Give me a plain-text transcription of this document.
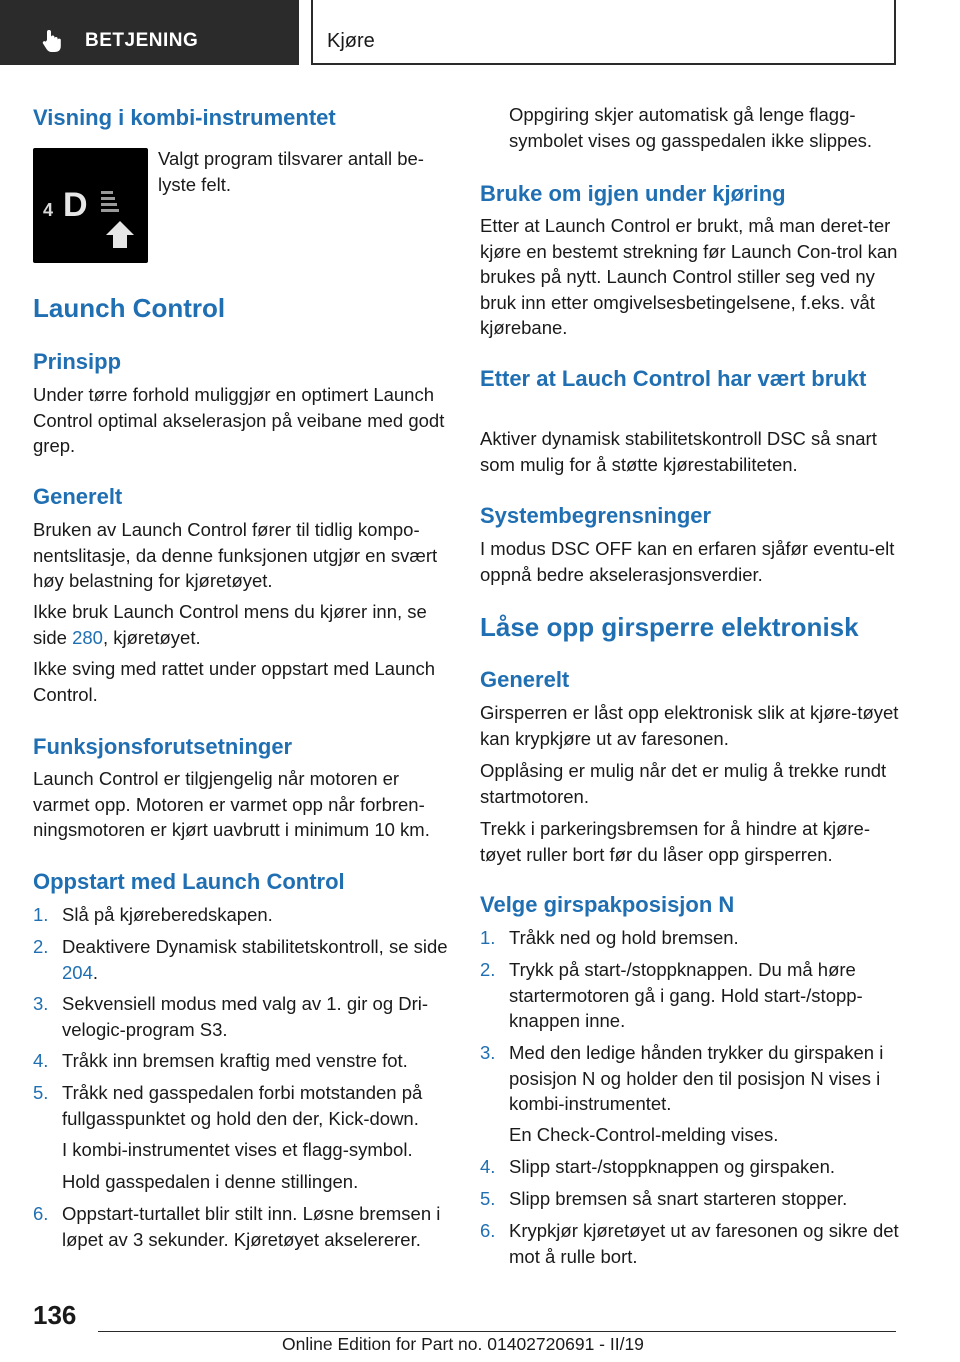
BETJENING	Kjøre
Visning i kombi-instrumentet
4 D
Valgt program tilsvarer antall be-lyste felt.
Launch Control
Prinsipp
Under tørre forhold muliggjør en optimert Launch Control optimal akselerasjon på veibane med godt grep.
Generelt
Bruken av Launch Control fører til tidlig kompo-nentslitasje, da denne funksjonen utgjør en svært høy belastning for kjøretøyet.
Ikke bruk Launch Control mens du kjører inn, se side 280, kjøretøyet.
Ikke sving med rattet under oppstart med Launch Control.
Funksjonsforutsetninger
Launch Control er tilgjengelig når motoren er varmet opp. Motoren er varmet opp når forbren-ningsmotoren er kjørt uavbrutt i minimum 10 km.
Oppstart med Launch Control
1. Slå på kjøreberedskapen.
2. Deaktivere Dynamisk stabilitetskontroll, se side 204.
3. Sekvensiell modus med valg av 1. gir og Dri-velogic-program S3.
4. Tråkk inn bremsen kraftig med venstre fot.
5. Tråkk ned gasspedalen forbi motstanden på fullgasspunktet og hold den der, Kick-down.
I kombi-instrumentet vises et flagg-symbol.
Hold gasspedalen i denne stillingen.
6. Oppstart-turtallet blir stilt inn. Løsne bremsen i løpet av 3 sekunder. Kjøretøyet akselererer.
Oppgiring skjer automatisk gå lenge flagg-symbolet vises og gasspedalen ikke slippes.
Bruke om igjen under kjøring
Etter at Launch Control er brukt, må man deret-ter kjøre en bestemt strekning før Launch Con-trol kan brukes på nytt. Launch Control stiller seg ved ny bruk inn etter omgivelsesbetingelsene, f.eks. våt kjørebane.
Etter at Lauch Control har vært brukt
Aktiver dynamisk stabilitetskontroll DSC så snart som mulig for å støtte kjørestabiliteten.
Systembegrensninger
I modus DSC OFF kan en erfaren sjåfør eventu-elt oppnå bedre akselerasjonsverdier.
Låse opp girsperre elektronisk
Generelt
Girsperren er låst opp elektronisk slik at kjøre-tøyet kan krypkjøre ut av faresonen.
Opplåsing er mulig når det er mulig å trekke rundt startmotoren.
Trekk i parkeringsbremsen for å hindre at kjøre-tøyet ruller bort før du låser opp girsperren.
Velge girspakposisjon N
1. Tråkk ned og hold bremsen.
2. Trykk på start-/stoppknappen. Du må høre startermotoren gå i gang. Hold start-/stopp-knappen inne.
3. Med den ledige hånden trykker du girspaken i posisjon N og holder den til posisjon N vises i kombi-instrumentet.
En Check-Control-melding vises.
4. Slipp start-/stoppknappen og girspaken.
5. Slipp bremsen så snart starteren stopper.
6. Krypkjør kjøretøyet ut av faresonen og sikre det mot å rulle bort.
136
Online Edition for Part no. 01402720691 - II/19
